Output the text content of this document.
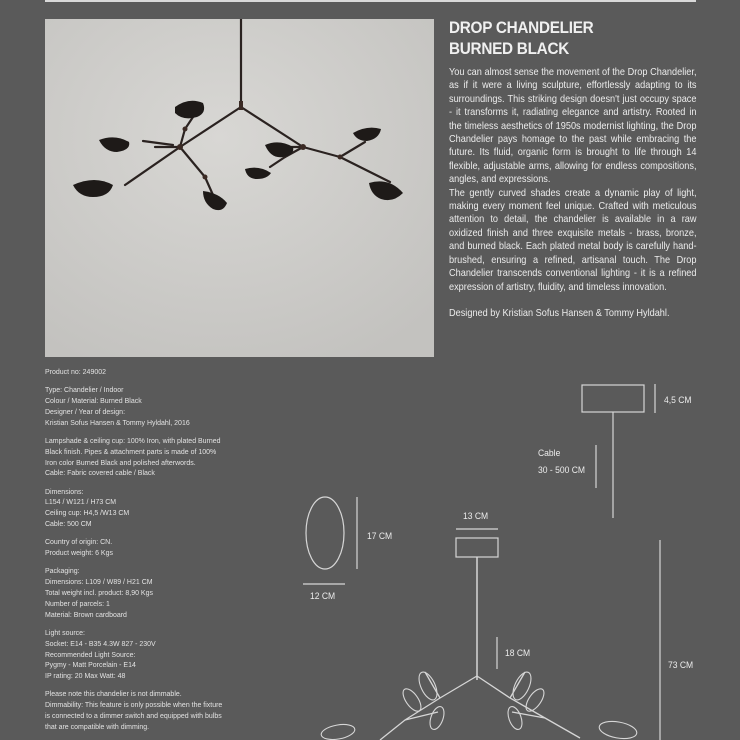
DROP CHANDELIER
BURNED BLACK

You can almost sense the movement of the Drop Chandelier, as if it were a living sculpture, effortlessly adapting to its surroundings. This striking design doesn't just occupy space - it transforms it, radiating elegance and artistry. Rooted in the timeless aesthetics of 1950s modernist lighting, the Drop Chandelier pays homage to the past while embracing the future. Its fluid, organic form is brought to life through 14 flexible, adjustable arms, allowing for endless compositions, angles, and expressions.

The gently curved shades create a dynamic play of light, making every moment feel unique. Crafted with meticulous attention to detail, the chandelier is available in a raw oxidized finish and three exquisite metals - brass, bronze, and burned black. Each plated metal body is carefully hand-brushed, ensuring a refined, artisanal touch. The Drop Chandelier transcends conventional lighting - it is a refined expression of artistry, fluidity, and timeless innovation.

Designed by Kristian Sofus Hansen & Tommy Hyldahl.

Product no: 249002
Type: Chandelier / Indoor
Colour / Material: Burned Black
Designer / Year of design:
Kristian Sofus Hansen & Tommy Hyldahl, 2016
Lampshade & ceiling cup: 100% Iron, with plated Burned
Black finish. Pipes & attachment parts is made of 100%
Iron color Burned Black and polished afterwords.
Cable: Fabric covered cable / Black
Dimensions:
L154 / W121 / H73 CM
Ceiling cup: H4,5 /W13 CM
Cable: 500 CM
Country of origin: CN.
Product weight: 6 Kgs
Packaging:
Dimensions: L109 / W89 / H21 CM
Total weight incl. product: 8,90 Kgs
Number of parcels: 1
Material: Brown cardboard
Light source:
Socket: E14 - B35 4.3W 827 - 230V
Recommended Light Source:
Pygmy - Matt Porcelain - E14
IP rating: 20 Max Watt: 48
Please note this chandelier is not dimmable.
Dimmability: This feature is only possible when the fixture
is connected to a dimmer switch and equipped with bulbs
that are compatible with dimming.
4,5 CM
Cable
30 - 500 CM
17 CM
12 CM
13 CM
18 CM
73 CM
